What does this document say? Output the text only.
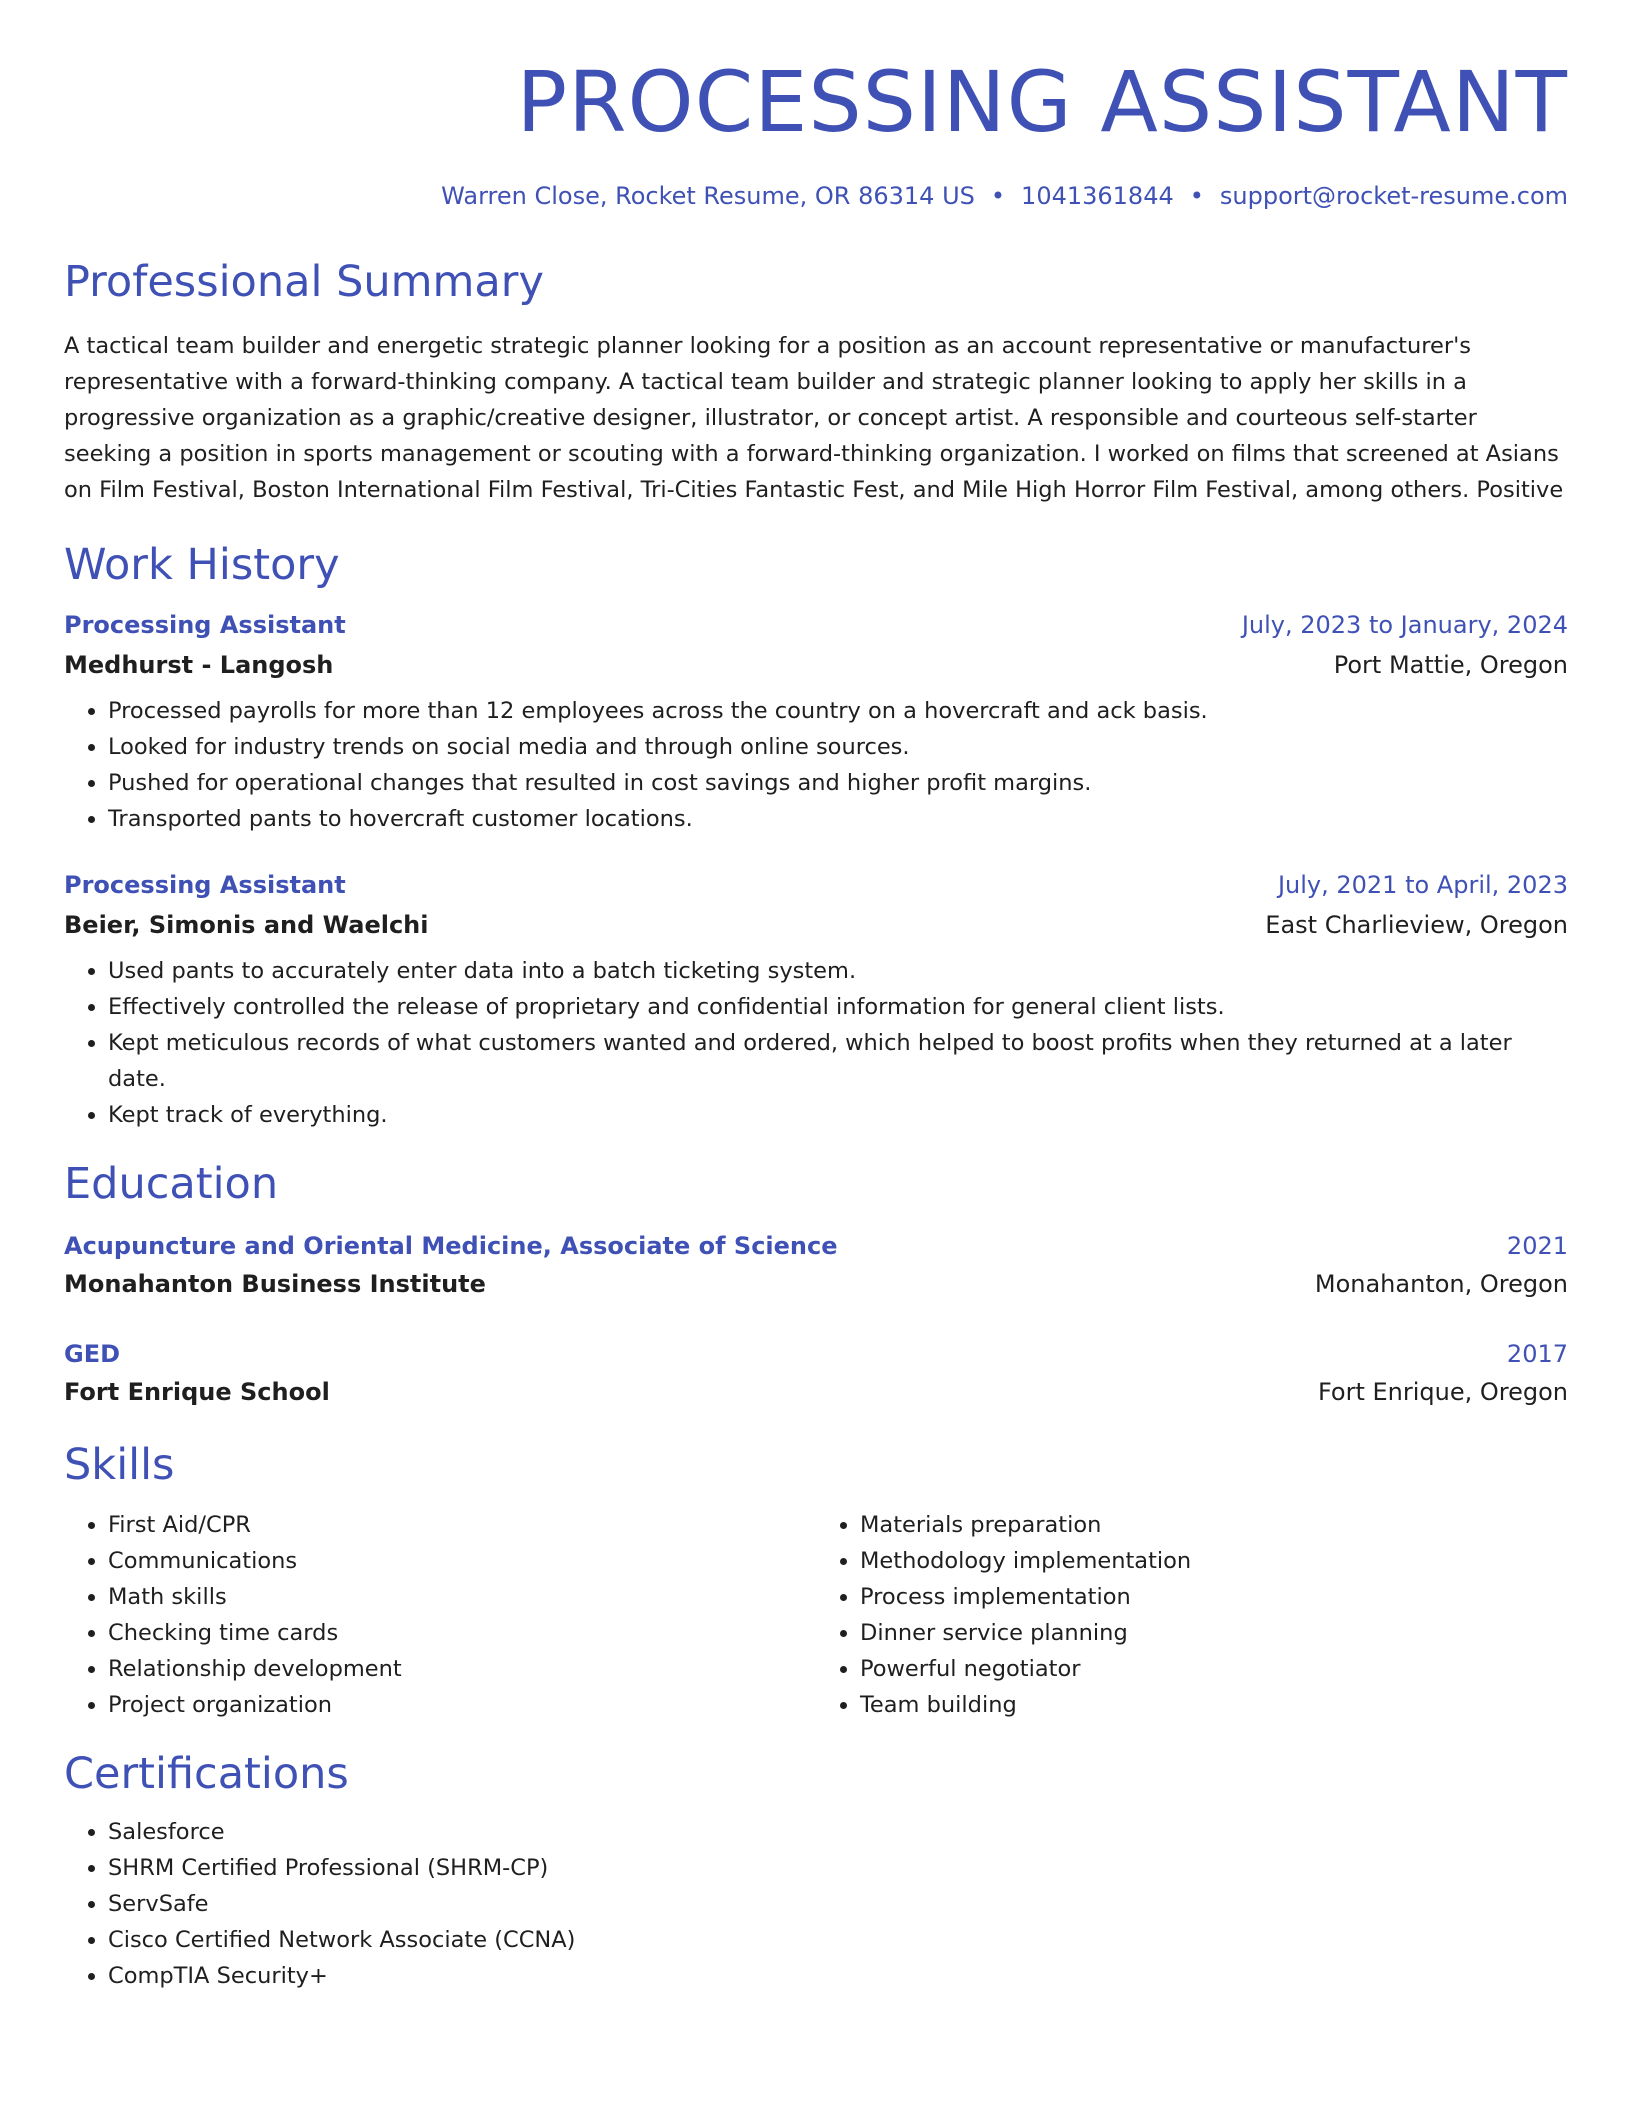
PROCESSING ASSISTANT
Warren Close, Rocket Resume, OR 86314 US • 1041361844 • support@rocket-resume.com
Professional Summary
A tactical team builder and energetic strategic planner looking for a position as an account representative or manufacturer's representative with a forward-thinking company. A tactical team builder and strategic planner looking to apply her skills in a progressive organization as a graphic/creative designer, illustrator, or concept artist. A responsible and courteous self-starter seeking a position in sports management or scouting with a forward-thinking organization. I worked on films that screened at Asians on Film Festival, Boston International Film Festival, Tri-Cities Fantastic Fest, and Mile High Horror Film Festival, among others. Positive
Work History
Processing Assistant	July, 2023 to January, 2024
Medhurst - Langosh	Port Mattie, Oregon
• Processed payrolls for more than 12 employees across the country on a hovercraft and ack basis.
• Looked for industry trends on social media and through online sources.
• Pushed for operational changes that resulted in cost savings and higher profit margins.
• Transported pants to hovercraft customer locations.
Processing Assistant	July, 2021 to April, 2023
Beier, Simonis and Waelchi	East Charlieview, Oregon
• Used pants to accurately enter data into a batch ticketing system.
• Effectively controlled the release of proprietary and confidential information for general client lists.
• Kept meticulous records of what customers wanted and ordered, which helped to boost profits when they returned at a later date.
• Kept track of everything.
Education
Acupuncture and Oriental Medicine, Associate of Science	2021
Monahanton Business Institute	Monahanton, Oregon
GED	2017
Fort Enrique School	Fort Enrique, Oregon
Skills
• First Aid/CPR
• Communications
• Math skills
• Checking time cards
• Relationship development
• Project organization
• Materials preparation
• Methodology implementation
• Process implementation
• Dinner service planning
• Powerful negotiator
• Team building
Certifications
• Salesforce
• SHRM Certified Professional (SHRM-CP)
• ServSafe
• Cisco Certified Network Associate (CCNA)
• CompTIA Security+
